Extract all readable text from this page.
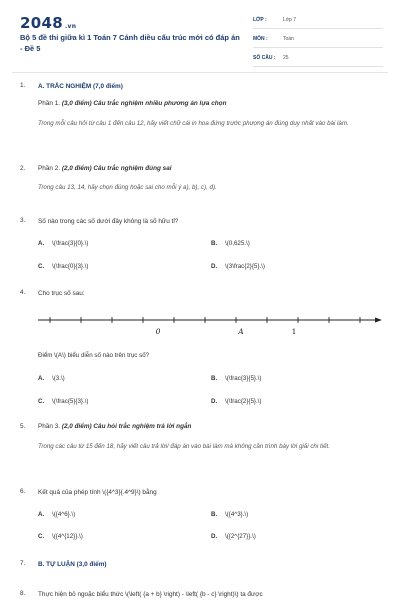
2048 .vn
Bộ 5 đề thi giữa kì 1 Toán 7 Cánh diều cấu trúc mới có đáp án - Đề 5
LỚP :	Lớp 7
MÔN :	Toán
SỐ CÂU : 25
1.	A. TRẮC NGHIỆM (7,0 điểm)
Phần 1. (3,0 điểm) Câu trắc nghiệm nhiều phương án lựa chọn
Trong mỗi câu hỏi từ câu 1 đến câu 12, hãy viết chữ cái in hoa đứng trước phương án đúng duy nhất vào bài làm.
2.	Phần 2. (2,0 điểm) Câu trắc nghiệm đúng sai
Trong câu 13, 14, hãy chọn đúng hoặc sai cho mỗi ý a), b), c), d).
3.	Số nào trong các số dưới đây không là số hữu tỉ?
A. \(\frac{3}{0}.\)	B. \(0,625.\)
C. \(\frac{0}{3}.\)	D. \(3\frac{2}{5}.\)
4.	Cho trục số sau:
0	A	1
Điểm \(A\) biểu diễn số nào trên trục số?
A. \(3.\)	B. \(\frac{3}{5}.\)
C. \(\frac{5}{3}.\)	D. \(\frac{2}{5}.\)
5.	Phần 3. (2,0 điểm) Câu hỏi trắc nghiệm trả lời ngắn
Trong các câu từ 15 đến 18, hãy viết câu trả lời/ đáp án vào bài làm mà không cần trình bày lời giải chi tiết.
6.	Kết quả của phép tính \({4^3}{.4^9}\) bằng
A. \({4^6}.\)	B. \({4^3}.\)
C. \({4^{12}}.\)	D. \({2^{27}}.\)
7.	B. TỰ LUẬN (3,0 điểm)
8.	Thực hiện bỏ ngoặc biểu thức \(\left( {a + b} \right) - \left( {b - c} \right)\) ta được
